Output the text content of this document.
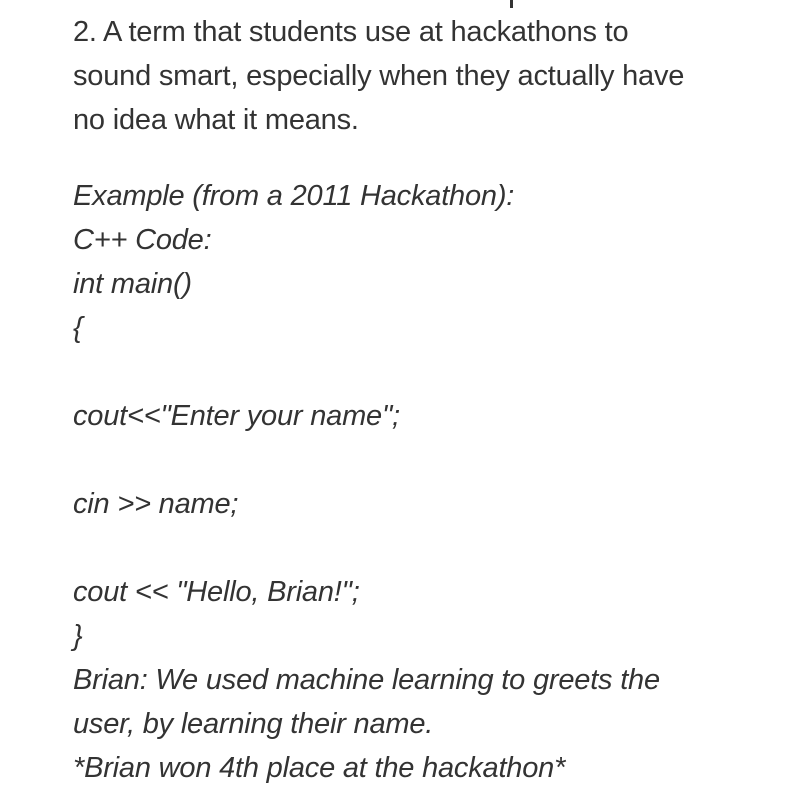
2. A term that students use at hackathons to
sound smart, especially when they actually have
no idea what it means.

Example (from a 2011 Hackathon):
C++ Code:
int main()
{
cout<<"Enter your name";
cin >> name;
cout << "Hello, Brian!";
}
Brian: We used machine learning to greets the
user, by learning their name.
*Brian won 4th place at the hackathon*
